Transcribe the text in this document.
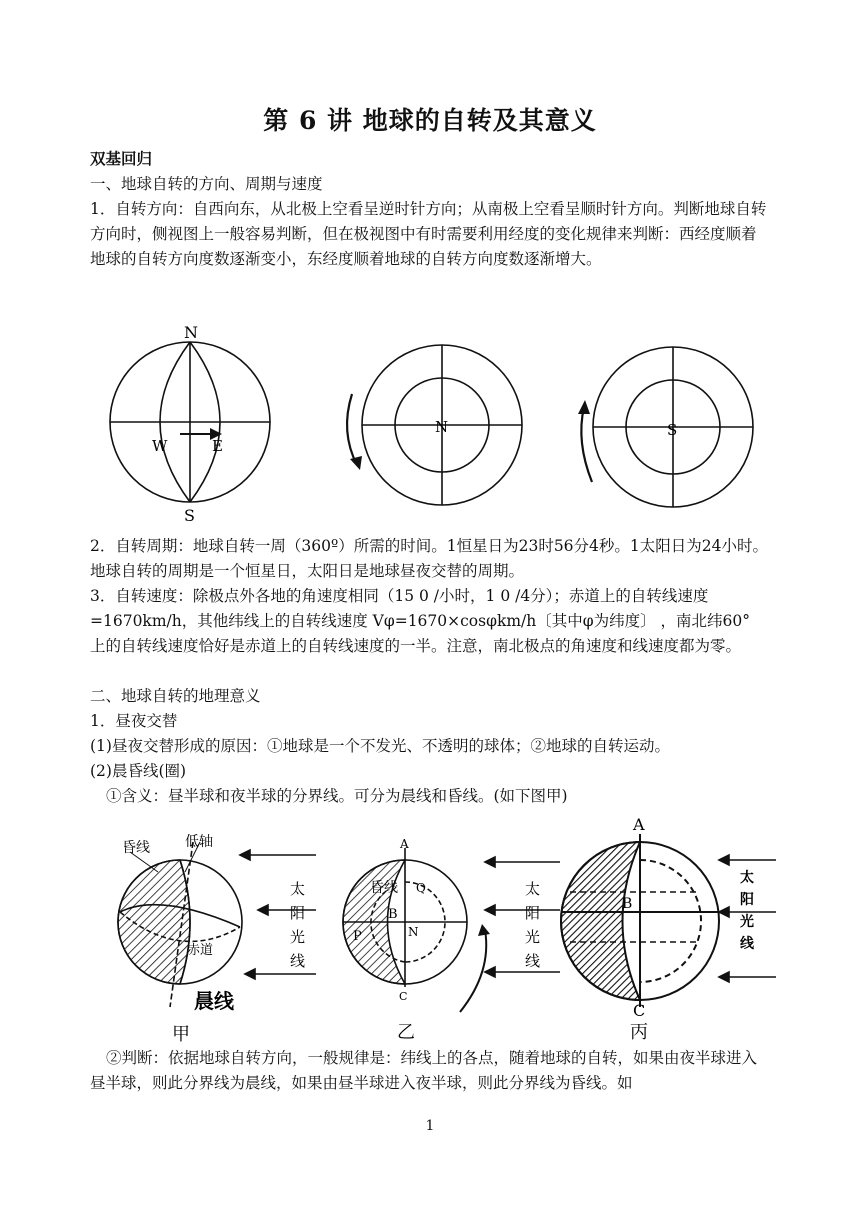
第 6 讲 地球的自转及其意义
双基回归
一、地球自转的方向、周期与速度
1．自转方向：自西向东，从北极上空看呈逆时针方向；从南极上空看呈顺时针方向。判断地球自转方向时，侧视图上一般容易判断，但在极视图中有时需要利用经度的变化规律来判断：西经度顺着地球的自转方向度数逐渐变小，东经度顺着地球的自转方向度数逐渐增大。
N
S
W	E
N	S
2．自转周期：地球自转一周（360º）所需的时间。1恒星日为23时56分4秒。1太阳日为24小时。地球自转的周期是一个恒星日，太阳日是地球昼夜交替的周期。
3．自转速度：除极点外各地的角速度相同（15 0 /小时，1 0 /4分）；赤道上的自转线速度=1670km/h，其他纬线上的自转线速度 Vφ=1670×cosφkm/h〔其中φ为纬度〕 ，南北纬60° 上的自转线速度恰好是赤道上的自转线速度的一半。注意，南北极点的角速度和线速度都为零。
二、地球自转的地理意义
1．昼夜交替
(1)昼夜交替形成的原因：①地球是一个不发光、不透明的球体；②地球的自转运动。
(2)晨昏线(圈)
①含义：昼半球和夜半球的分界线。可分为晨线和昏线。(如下图甲)
昏线	低轴
赤道
晨线
甲
太阳光线
A
昏线 Q
B
P	N
C
乙
太阳光线
A
B
C
丙
太阳光线
②判断：依据地球自转方向，一般规律是：纬线上的各点，随着地球的自转，如果由夜半球进入昼半球，则此分界线为晨线，如果由昼半球进入夜半球，则此分界线为昏线。如
1
